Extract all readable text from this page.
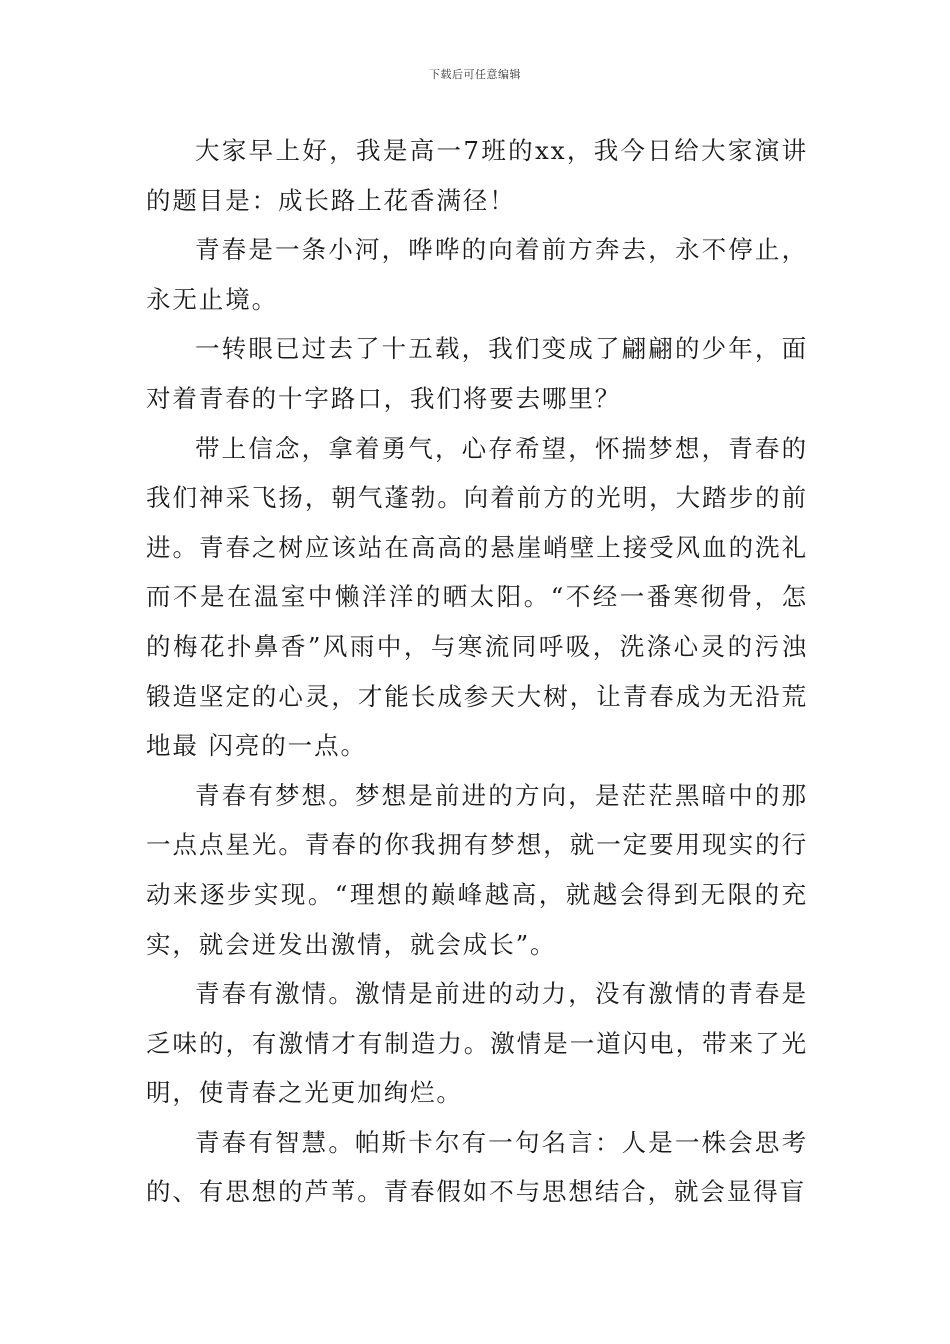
下载后可任意编辑

大家早上好，我是高一7班的xx，我今日给大家演讲的题目是：成长路上花香满径！

青春是一条小河，哗哗的向着前方奔去，永不停止，永无止境。

一转眼已过去了十五载，我们变成了翩翩的少年，面对着青春的十字路口，我们将要去哪里？

带上信念，拿着勇气，心存希望，怀揣梦想，青春的我们神采飞扬，朝气蓬勃。向着前方的光明，大踏步的前进。青春之树应该站在高高的悬崖峭壁上接受风血的洗礼而不是在温室中懒洋洋的晒太阳。“不经一番寒彻骨，怎的梅花扑鼻香”风雨中，与寒流同呼吸，洗涤心灵的污浊锻造坚定的心灵，才能长成参天大树，让青春成为无沿荒地最 闪亮的一点。

青春有梦想。梦想是前进的方向，是茫茫黑暗中的那一点点星光。青春的你我拥有梦想，就一定要用现实的行动来逐步实现。“理想的巅峰越高，就越会得到无限的充实，就会迸发出激情，就会成长”。

青春有激情。激情是前进的动力，没有激情的青春是乏味的，有激情才有制造力。激情是一道闪电，带来了光明，使青春之光更加绚烂。

青春有智慧。帕斯卡尔有一句名言：人是一株会思考的、有思想的芦苇。青春假如不与思想结合，就会显得盲
